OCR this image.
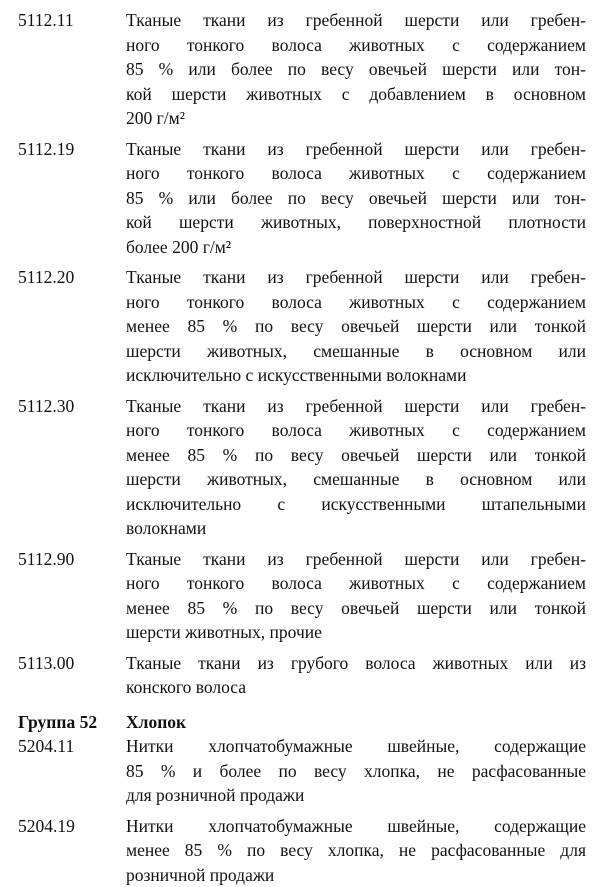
5112.11	Тканые ткани из гребенной шерсти или гребен-
ного тонкого волоса животных с содержанием
85 % или более по весу овечьей шерсти или тон-
кой шерсти животных с добавлением в основном
200 г/м²
5112.19	Тканые ткани из гребенной шерсти или гребен-
ного тонкого волоса животных с содержанием
85 % или более по весу овечьей шерсти или тон-
кой шерсти животных, поверхностной плотности
более 200 г/м²
5112.20	Тканые ткани из гребенной шерсти или гребен-
ного тонкого волоса животных с содержанием
менее 85 % по весу овечьей шерсти или тонкой
шерсти животных, смешанные в основном или
исключительно с искусственными волокнами
5112.30	Тканые ткани из гребенной шерсти или гребен-
ного тонкого волоса животных с содержанием
менее 85 % по весу овечьей шерсти или тонкой
шерсти животных, смешанные в основном или
исключительно с искусственными штапельными
волокнами
5112.90	Тканые ткани из гребенной шерсти или гребен-
ного тонкого волоса животных с содержанием
менее 85 % по весу овечьей шерсти или тонкой
шерсти животных, прочие
5113.00	Тканые ткани из грубого волоса животных или из
конского волоса
Группа 52 Хлопок
5204.11	Нитки хлопчатобумажные швейные, содержащие
85 % и более по весу хлопка, не расфасованные
для розничной продажи
5204.19	Нитки хлопчатобумажные швейные, содержащие
менее 85 % по весу хлопка, не расфасованные для
розничной продажи
